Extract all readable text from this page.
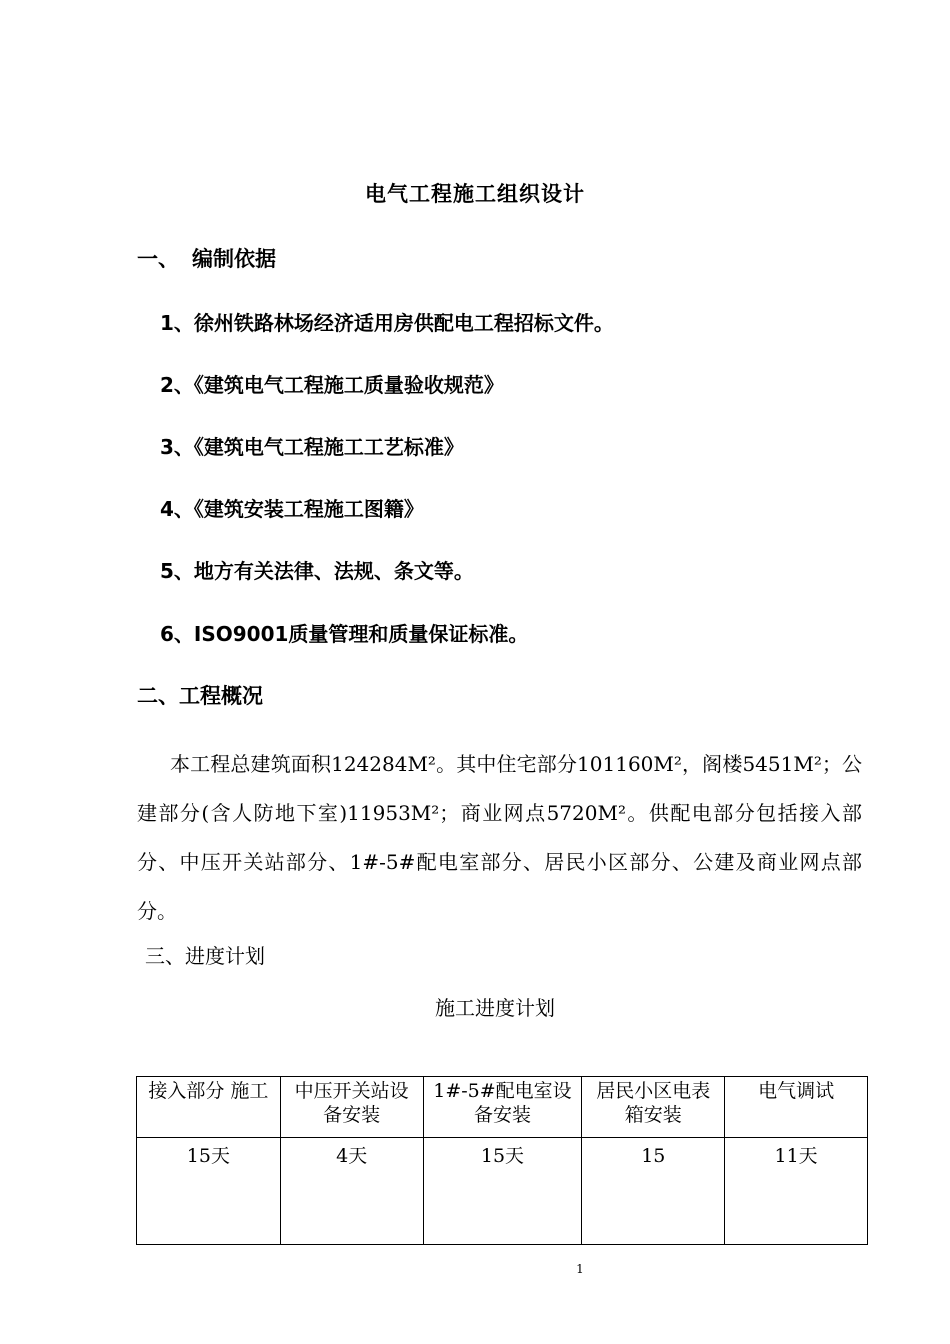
电气工程施工组织设计
一、 编制依据
1、徐州铁路林场经济适用房供配电工程招标文件。
2、《建筑电气工程施工质量验收规范》
3、《建筑电气工程施工工艺标准》
4、《建筑安装工程施工图籍》
5、地方有关法律、法规、条文等。
6、ISO9001质量管理和质量保证标准。
二、工程概况

本工程总建筑面积124284M²。其中住宅部分101160M²，阁楼5451M²；公建部分(含人防地下室)11953M²；商业网点5720M²。供配电部分包括接入部分、中压开关站部分、1#-5#配电室部分、居民小区部分、公建及商业网点部分。

三、进度计划
施工进度计划
接入部分 施工	中压开关站设备安装	1#-5#配电室设备安装	居民小区电表箱安装	电气调试
15天	4天	15天	15	11天
1
